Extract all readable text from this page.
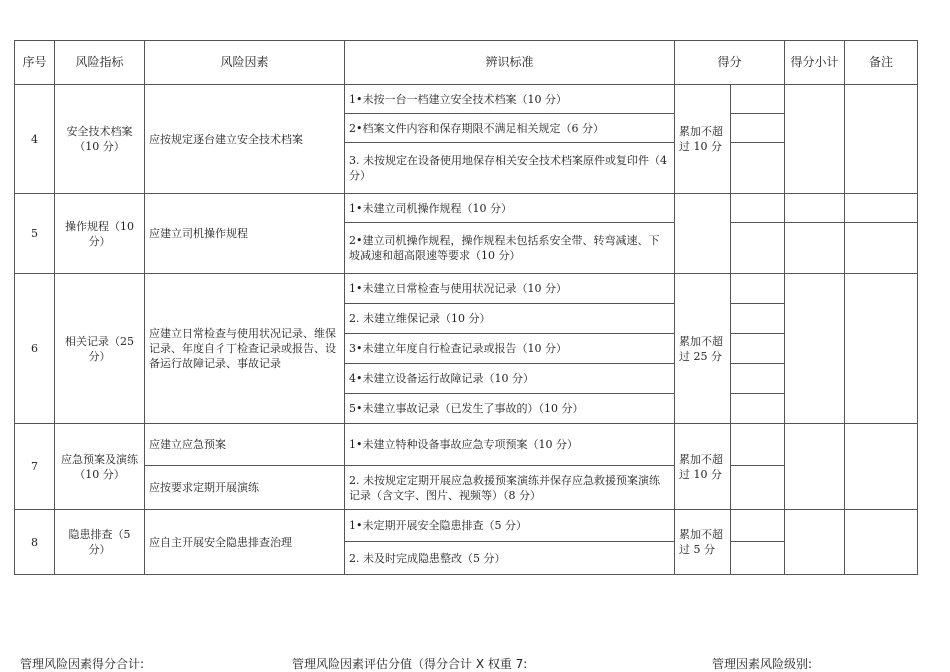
序号	风险指标	风险因素	辨识标准	得分		得分小计	备注
4	安全技术档案（10 分）	应按规定逐台建立安全技术档案	1•未按一台一档建立安全技术档案（10 分）	累加不超过 10 分			
			2•档案文件内容和保存期限不满足相关规定（6 分）				
			3. 未按规定在设备使用地保存相关安全技术档案原件或复印件（4 分）				
5	操作规程（10 分）	应建立司机操作规程	1•未建立司机操作规程（10 分）				
			2•建立司机操作规程，操作规程未包括系安全带、转弯减速、下坡减速和超高限速等要求（10 分）				
6	相关记录（25 分）	应建立日常检查与使用状况记录、维保记录、年度自彳丁检查记录或报告、设备运行故障记录、事故记录	1•未建立日常检查与使用状况记录（10 分）	累加不超过 25 分			
			2. 未建立维保记录（10 分）				
			3•未建立年度自行检查记录或报告（10 分）				
			4•未建立设备运行故障记录（10 分）				
			5•未建立事故记录（已发生了事故的）（10 分）				
7	应急预案及演练（10 分）	应建立应急预案	1•未建立特种设备事故应急专项预案（10 分）	累加不超过 10 分			
		应按要求定期开展演练	2. 未按规定定期开展应急救援预案演练并保存应急救援预案演练记录（含文字、图片、视频等）（8 分）				
8	隐患排查（5 分）	应自主开展安全隐患排查治理	1•未定期开展安全隐患排查（5 分）	累加不超过 5 分			
			2. 未及时完成隐患整改（5 分）				
管理风险因素得分合计:	管理风险因素评估分值（得分合计 X 权重 7:	管理因素风险级别:
